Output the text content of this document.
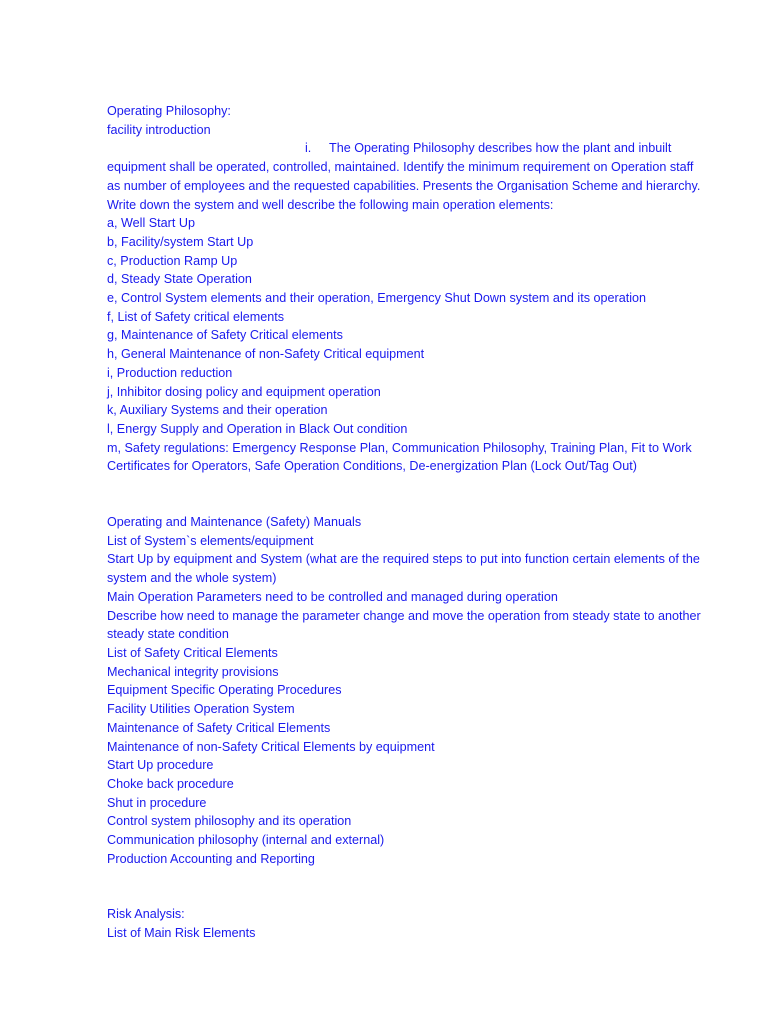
Operating Philosophy:
facility introduction
i. The Operating Philosophy describes how the plant and inbuilt
equipment shall be operated, controlled, maintained. Identify the minimum requirement on Operation staff
as number of employees and the requested capabilities. Presents the Organisation Scheme and hierarchy.
Write down the system and well describe the following main operation elements:
a, Well Start Up
b, Facility/system Start Up
c, Production Ramp Up
d, Steady State Operation
e, Control System elements and their operation, Emergency Shut Down system and its operation
f, List of Safety critical elements
g, Maintenance of Safety Critical elements
h, General Maintenance of non-Safety Critical equipment
i, Production reduction
j, Inhibitor dosing policy and equipment operation
k, Auxiliary Systems and their operation
l, Energy Supply and Operation in Black Out condition
m, Safety regulations: Emergency Response Plan, Communication Philosophy, Training Plan, Fit to Work
Certificates for Operators, Safe Operation Conditions, De-energization Plan (Lock Out/Tag Out)
Operating and Maintenance (Safety) Manuals
List of System`s elements/equipment
Start Up by equipment and System (what are the required steps to put into function certain elements of the
system and the whole system)
Main Operation Parameters need to be controlled and managed during operation
Describe how need to manage the parameter change and move the operation from steady state to another
steady state condition
List of Safety Critical Elements
Mechanical integrity provisions
Equipment Specific Operating Procedures
Facility Utilities Operation System
Maintenance of Safety Critical Elements
Maintenance of non-Safety Critical Elements by equipment
Start Up procedure
Choke back procedure
Shut in procedure
Control system philosophy and its operation
Communication philosophy (internal and external)
Production Accounting and Reporting
Risk Analysis:
List of Main Risk Elements
